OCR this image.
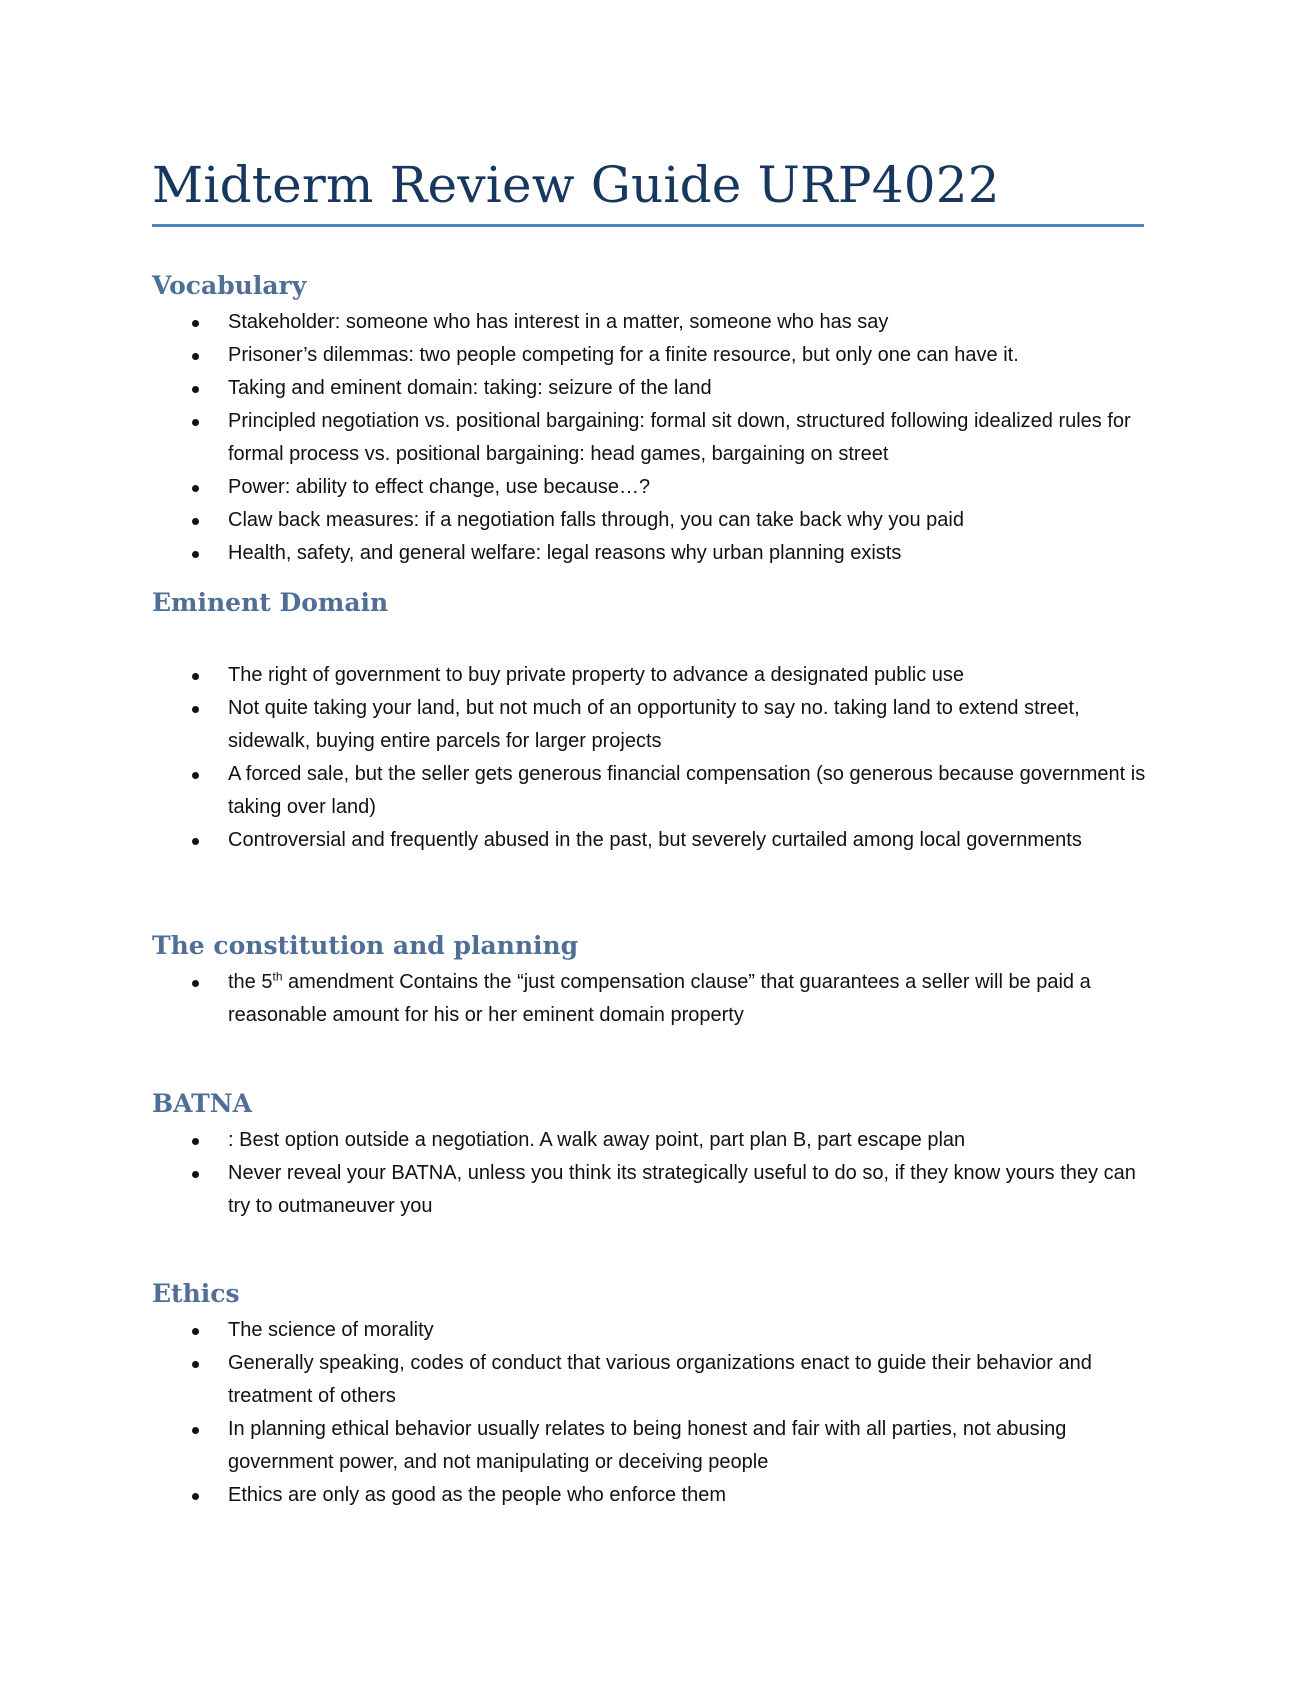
Midterm Review Guide URP4022
Vocabulary
Stakeholder: someone who has interest in a matter, someone who has say
Prisoner’s dilemmas: two people competing for a finite resource, but only one can have it.
Taking and eminent domain: taking: seizure of the land
Principled negotiation vs. positional bargaining: formal sit down, structured following idealized rules for formal process vs. positional bargaining: head games, bargaining on street
Power: ability to effect change, use because…?
Claw back measures: if a negotiation falls through, you can take back why you paid
Health, safety, and general welfare: legal reasons why urban planning exists
Eminent Domain
The right of government to buy private property to advance a designated public use
Not quite taking your land, but not much of an opportunity to say no. taking land to extend street, sidewalk, buying entire parcels for larger projects
A forced sale, but the seller gets generous financial compensation (so generous because government is taking over land)
Controversial and frequently abused in the past, but severely curtailed among local governments
The constitution and planning
the 5th amendment Contains the “just compensation clause” that guarantees a seller will be paid a reasonable amount for his or her eminent domain property
BATNA
: Best option outside a negotiation. A walk away point, part plan B, part escape plan
Never reveal your BATNA, unless you think its strategically useful to do so, if they know yours they can try to outmaneuver you
Ethics
The science of morality
Generally speaking, codes of conduct that various organizations enact to guide their behavior and treatment of others
In planning ethical behavior usually relates to being honest and fair with all parties, not abusing government power, and not manipulating or deceiving people
Ethics are only as good as the people who enforce them
